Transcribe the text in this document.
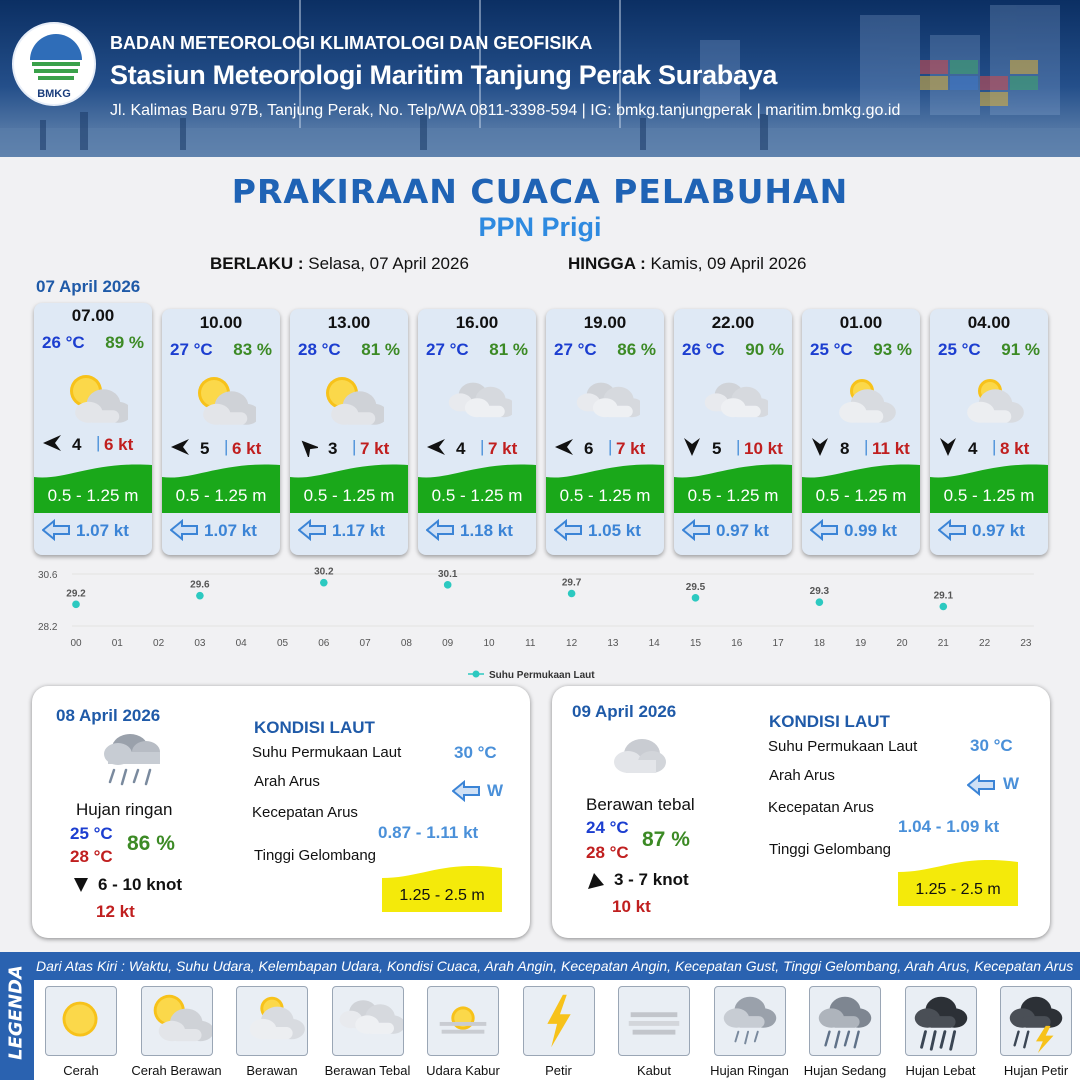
BMKG
BADAN METEOROLOGI KLIMATOLOGI DAN GEOFISIKA
Stasiun Meteorologi Maritim Tanjung Perak Surabaya
Jl. Kalimas Baru 97B, Tanjung Perak, No. Telp/WA 0811-3398-594 | IG: bmkg.tanjungperak | maritim.bmkg.go.id
PRAKIRAAN CUACA PELABUHAN
PPN Prigi
BERLAKU : Selasa, 07 April 2026	HINGGA : Kamis, 09 April 2026
07 April 2026
07.00
26 °C 89 %
4 | 6 kt
0.5 - 1.25 m
1.07 kt
10.00
27 °C 83 %
5 | 6 kt
0.5 - 1.25 m
1.07 kt
13.00
28 °C 81 %
3 | 7 kt
0.5 - 1.25 m
1.17 kt
16.00
27 °C 81 %
4 | 7 kt
0.5 - 1.25 m
1.18 kt
19.00
27 °C 86 %
6 | 7 kt
0.5 - 1.25 m
1.05 kt
22.00
26 °C 90 %
5 | 10 kt
0.5 - 1.25 m
0.97 kt
01.00
25 °C 93 %
8 | 11 kt
0.5 - 1.25 m
0.99 kt
04.00
25 °C 91 %
4 | 8 kt
0.5 - 1.25 m
0.97 kt
30.6
28.2
00	01	02	03	04	05	06	07	08	09	10	11	12	13	14	15	16	17	18	19	20	21	22	23
29.2
29.6
30.2	30.1
29.7	29.5	29.3	29.1
Suhu Permukaan Laut
08 April 2026
Hujan ringan
25 °C
28 °C
86 %
6 - 10 knot
12 kt
KONDISI LAUT
Suhu Permukaan Laut	30 °C
Arah Arus	W
Kecepatan Arus
0.87 - 1.11 kt
Tinggi Gelombang
1.25 - 2.5 m
09 April 2026
Berawan tebal
24 °C
28 °C
87 %
3 - 7 knot
10 kt
KONDISI LAUT
Suhu Permukaan Laut	30 °C
Arah Arus	W
Kecepatan Arus
1.04 - 1.09 kt
Tinggi Gelombang
1.25 - 2.5 m
LEGENDA Dari Atas Kiri : Waktu, Suhu Udara, Kelembapan Udara, Kondisi Cuaca, Arah Angin, Kecepatan Angin, Kecepatan Gust, Tinggi Gelombang, Arah Arus, Kecepatan Arus
Cerah	Cerah Berawan	Berawan	Berawan Tebal	Udara Kabur	Petir	Kabut	Hujan Ringan	Hujan Sedang	Hujan Lebat	Hujan Petir
